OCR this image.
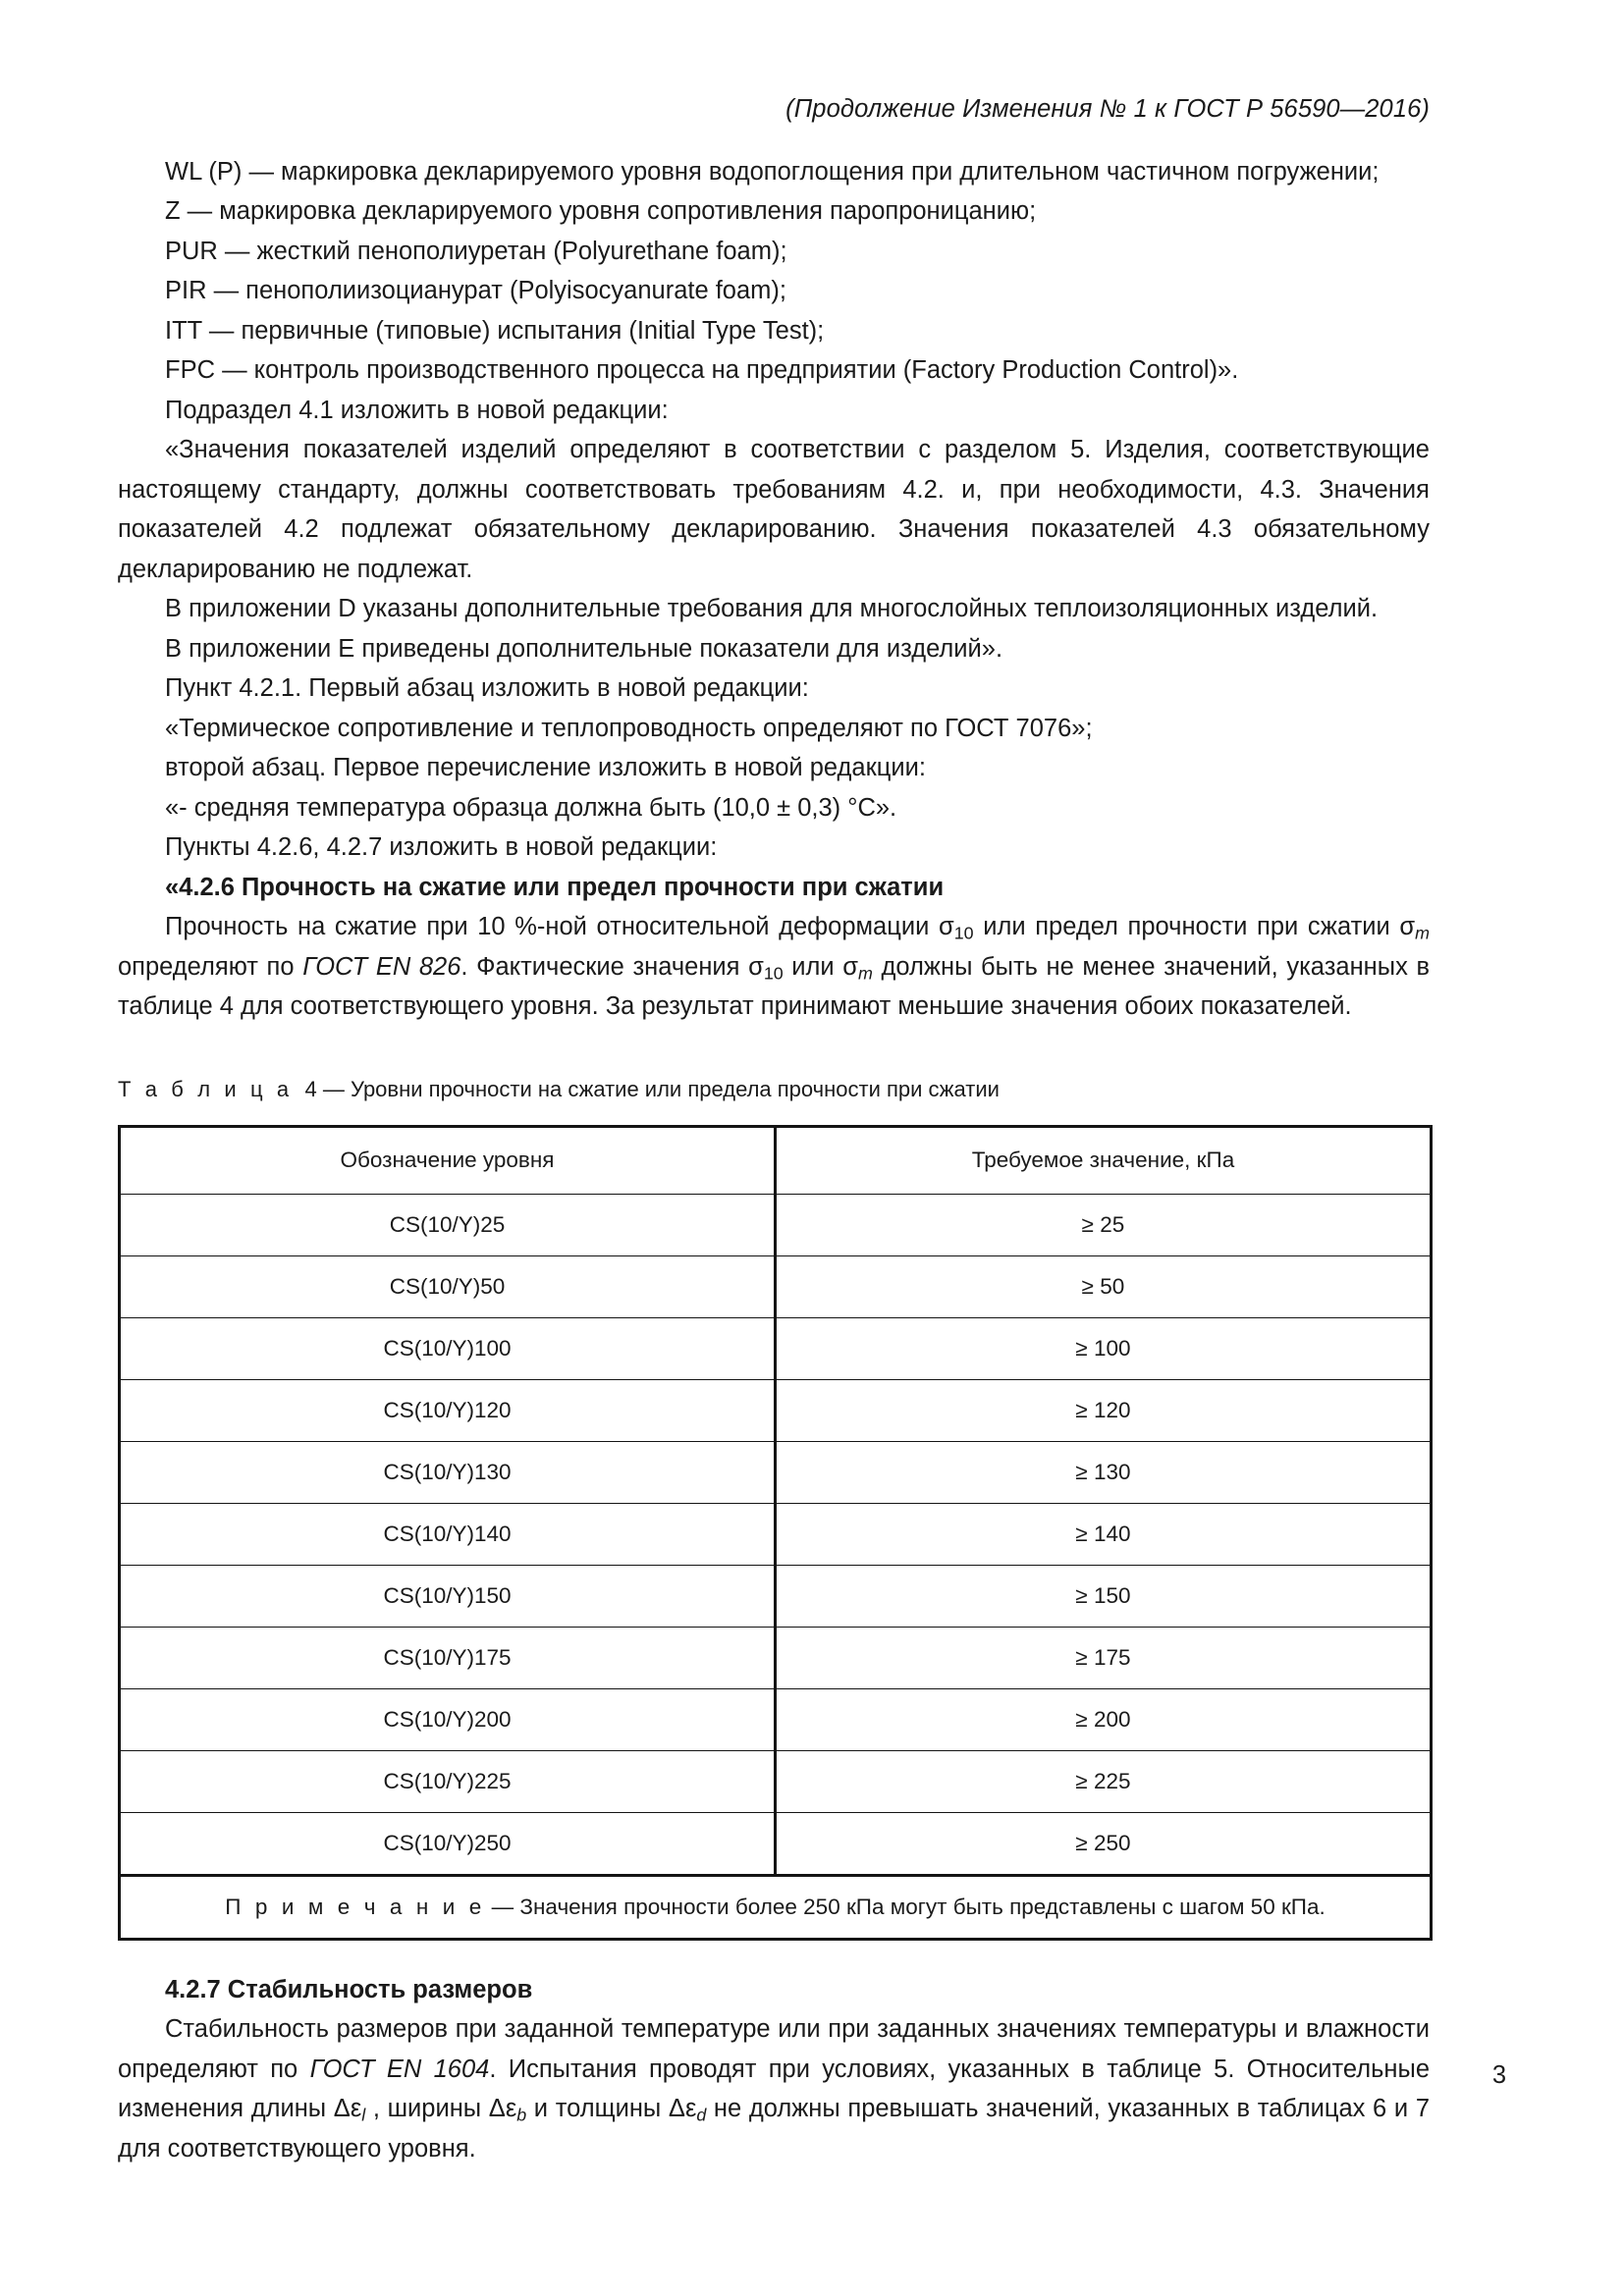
(Продолжение Изменения № 1 к ГОСТ Р 56590—2016)

WL (P) — маркировка декларируемого уровня водопоглощения при длительном частичном погружении;

Z — маркировка декларируемого уровня сопротивления паропроницанию;

PUR — жесткий пенополиуретан (Polyurethane foam);

PIR — пенополиизоцианурат (Polyisocyanurate foam);

ITT — первичные (типовые) испытания (Initial Type Test);

FPC — контроль производственного процесса на предприятии (Factory Production Control)».

Подраздел 4.1 изложить в новой редакции:

«Значения показателей изделий определяют в соответствии с разделом 5. Изделия, соответствующие настоящему стандарту, должны соответствовать требованиям 4.2. и, при необходимости, 4.3. Значения показателей 4.2 подлежат обязательному декларированию. Значения показателей 4.3 обязательному декларированию не подлежат.

В приложении D указаны дополнительные требования для многослойных теплоизоляционных изделий.

В приложении E приведены дополнительные показатели для изделий».

Пункт 4.2.1. Первый абзац изложить в новой редакции:

«Термическое сопротивление и теплопроводность определяют по ГОСТ 7076»;

второй абзац. Первое перечисление изложить в новой редакции:

«- средняя температура образца должна быть (10,0 ± 0,3) °C».

Пункты 4.2.6, 4.2.7 изложить в новой редакции:

«4.2.6 Прочность на сжатие или предел прочности при сжатии

Прочность на сжатие при 10 %-ной относительной деформации $\sigma_{10}$ или предел прочности при сжатии $\sigma_m$ определяют по ГОСТ EN 826. Фактические значения $\sigma_{10}$ или $\sigma_m$ должны быть не менее значений, указанных в таблице 4 для соответствующего уровня. За результат принимают меньшие значения обоих показателей.

Т а б л и ц а 4 — Уровни прочности на сжатие или предела прочности при сжатии

Обозначение уровня	Требуемое значение, кПа
CS(10/Y)25	≥ 25
CS(10/Y)50	≥ 50
CS(10/Y)100	≥ 100
CS(10/Y)120	≥ 120
CS(10/Y)130	≥ 130
CS(10/Y)140	≥ 140
CS(10/Y)150	≥ 150
CS(10/Y)175	≥ 175
CS(10/Y)200	≥ 200
CS(10/Y)225	≥ 225
CS(10/Y)250	≥ 250
П р и м е ч а н и е — Значения прочности более 250 кПа могут быть представлены с шагом 50 кПа.	

4.2.7 Стабильность размеров

Стабильность размеров при заданной температуре или при заданных значениях температуры и влажности определяют по ГОСТ EN 1604. Испытания проводят при условиях, указанных в таблице 5. Относительные изменения длины $\Delta\varepsilon_l$ , ширины $\Delta\varepsilon_b$ и толщины $\Delta\varepsilon_d$ не должны превышать значений, указанных в таблицах 6 и 7 для соответствующего уровня.

3
